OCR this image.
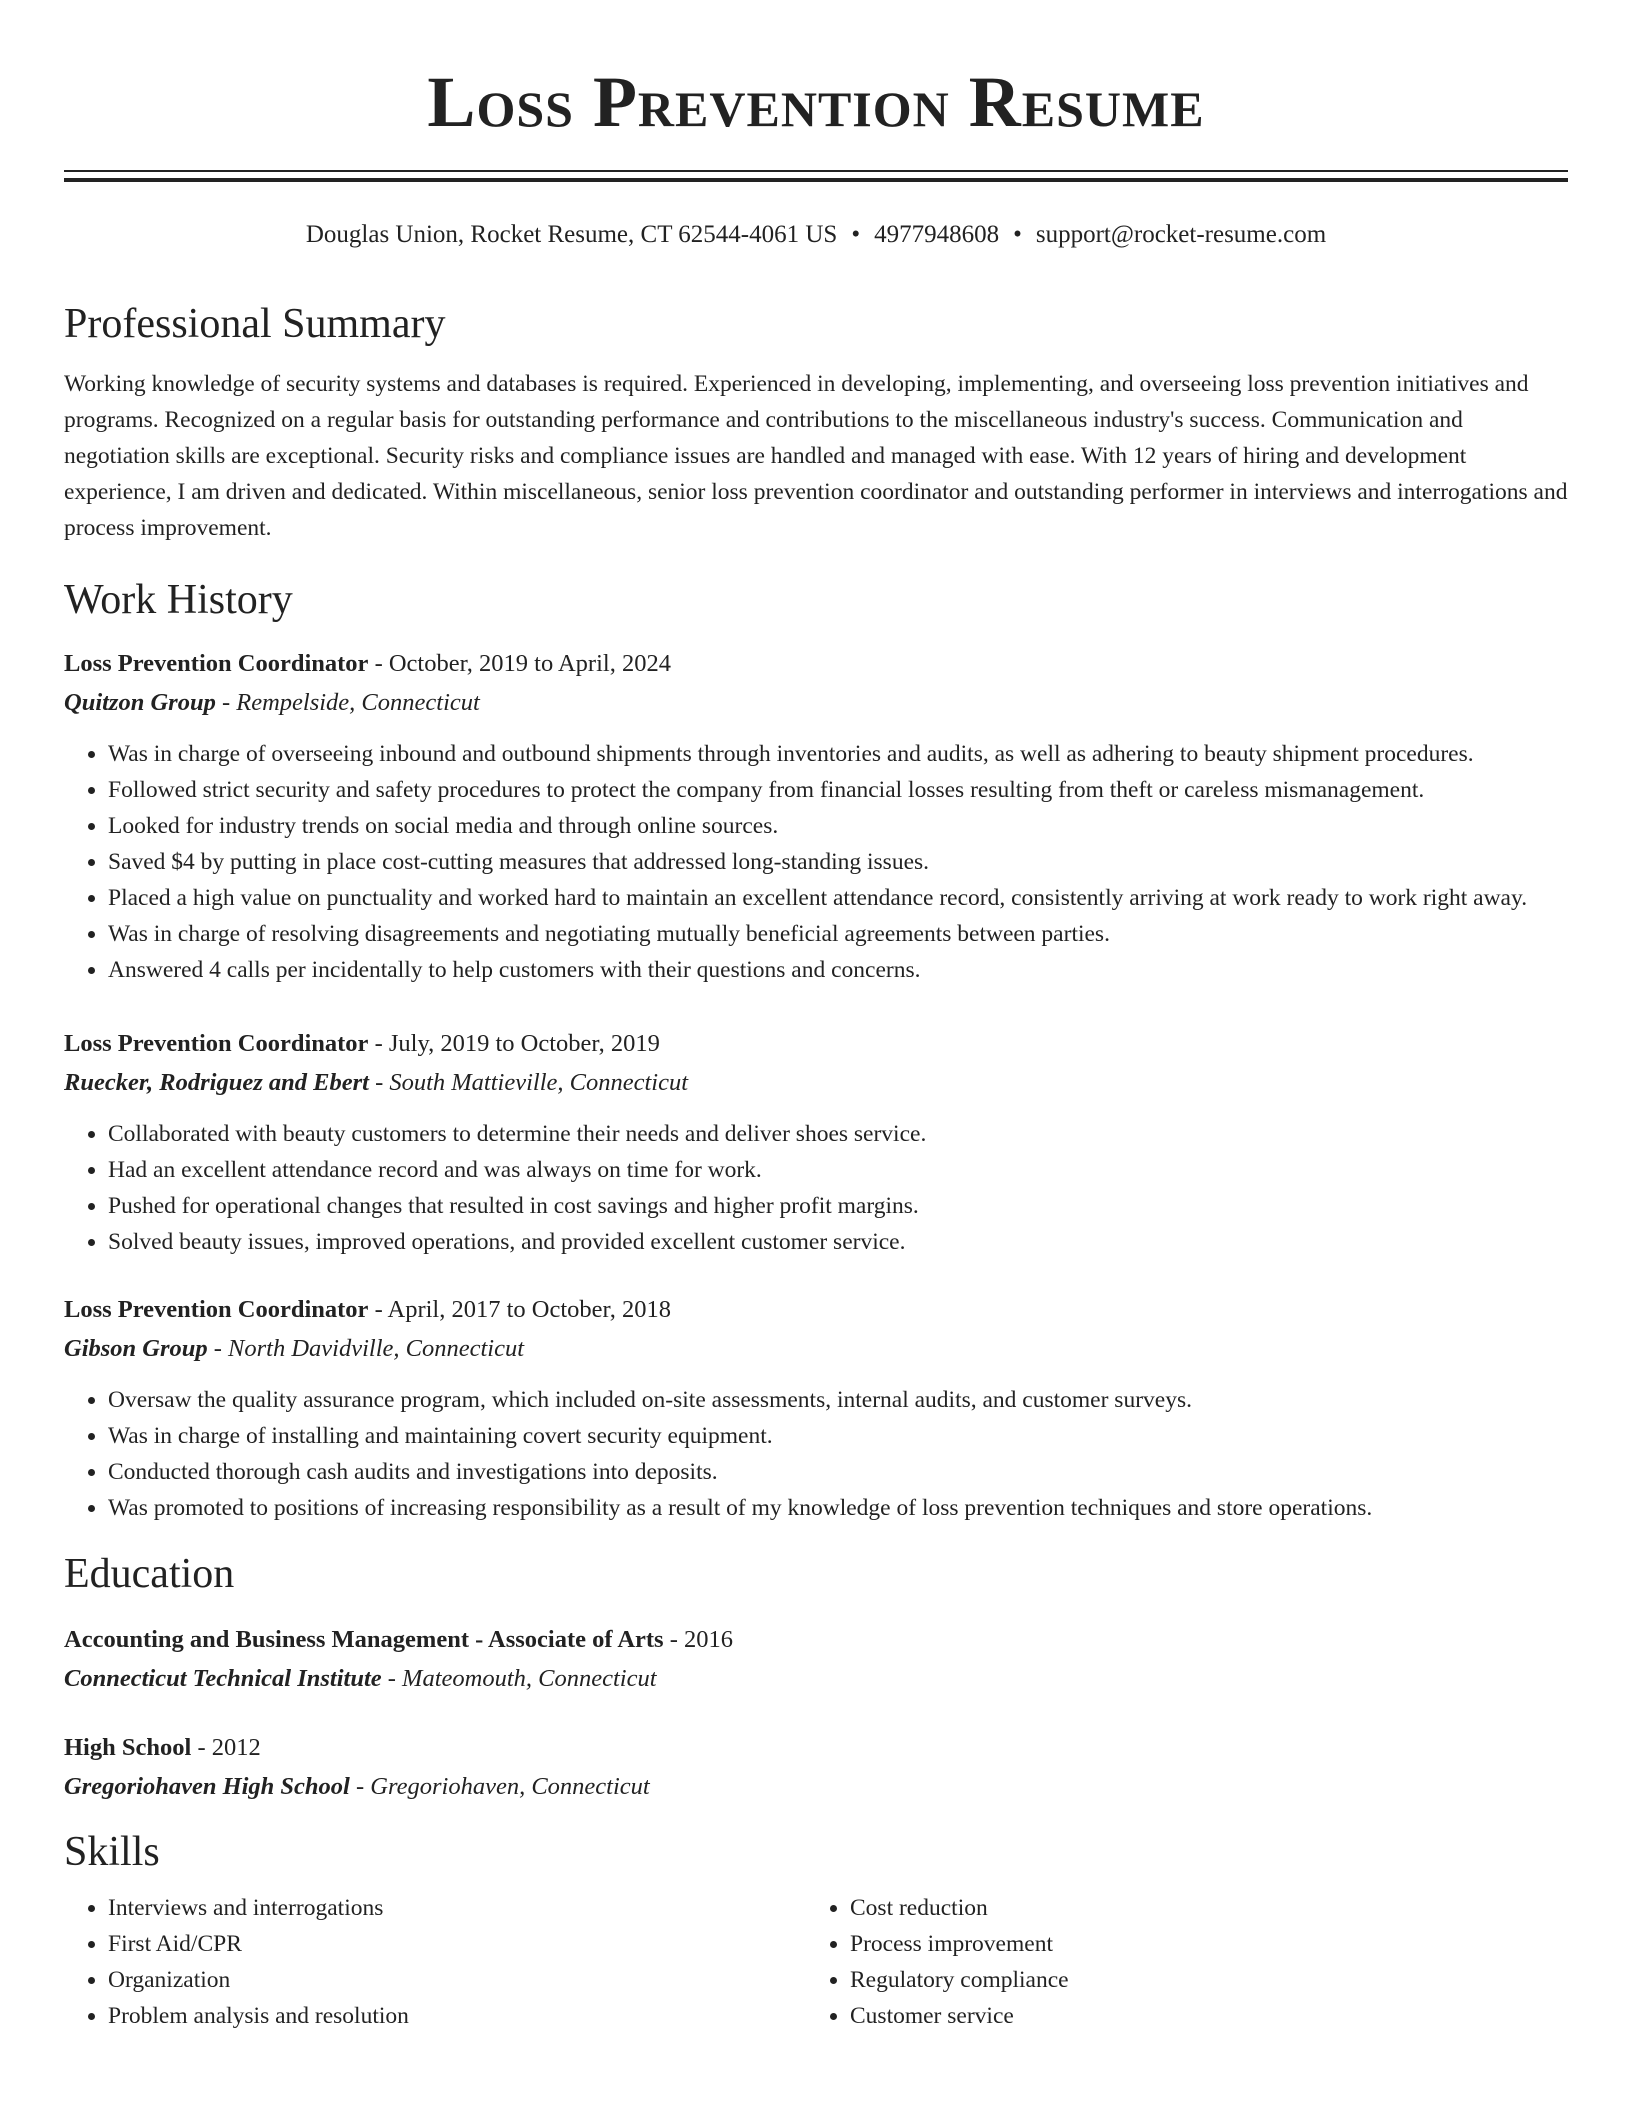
Loss Prevention Resume
Douglas Union, Rocket Resume, CT 62544-4061 US • 4977948608 • support@rocket-resume.com
Professional Summary
Working knowledge of security systems and databases is required. Experienced in developing, implementing, and overseeing loss prevention initiatives and programs. Recognized on a regular basis for outstanding performance and contributions to the miscellaneous industry's success. Communication and negotiation skills are exceptional. Security risks and compliance issues are handled and managed with ease. With 12 years of hiring and development experience, I am driven and dedicated. Within miscellaneous, senior loss prevention coordinator and outstanding performer in interviews and interrogations and process improvement.
Work History
Loss Prevention Coordinator - October, 2019 to April, 2024
Quitzon Group - Rempelside, Connecticut
• Was in charge of overseeing inbound and outbound shipments through inventories and audits, as well as adhering to beauty shipment procedures.
• Followed strict security and safety procedures to protect the company from financial losses resulting from theft or careless mismanagement.
• Looked for industry trends on social media and through online sources.
• Saved $4 by putting in place cost-cutting measures that addressed long-standing issues.
• Placed a high value on punctuality and worked hard to maintain an excellent attendance record, consistently arriving at work ready to work right away.
• Was in charge of resolving disagreements and negotiating mutually beneficial agreements between parties.
• Answered 4 calls per incidentally to help customers with their questions and concerns.
Loss Prevention Coordinator - July, 2019 to October, 2019
Ruecker, Rodriguez and Ebert - South Mattieville, Connecticut
• Collaborated with beauty customers to determine their needs and deliver shoes service.
• Had an excellent attendance record and was always on time for work.
• Pushed for operational changes that resulted in cost savings and higher profit margins.
• Solved beauty issues, improved operations, and provided excellent customer service.
Loss Prevention Coordinator - April, 2017 to October, 2018
Gibson Group - North Davidville, Connecticut
• Oversaw the quality assurance program, which included on-site assessments, internal audits, and customer surveys.
• Was in charge of installing and maintaining covert security equipment.
• Conducted thorough cash audits and investigations into deposits.
• Was promoted to positions of increasing responsibility as a result of my knowledge of loss prevention techniques and store operations.
Education
Accounting and Business Management - Associate of Arts - 2016
Connecticut Technical Institute - Mateomouth, Connecticut
High School - 2012
Gregoriohaven High School - Gregoriohaven, Connecticut
Skills
• Interviews and interrogations
• First Aid/CPR
• Organization
• Problem analysis and resolution
• Cost reduction
• Process improvement
• Regulatory compliance
• Customer service
